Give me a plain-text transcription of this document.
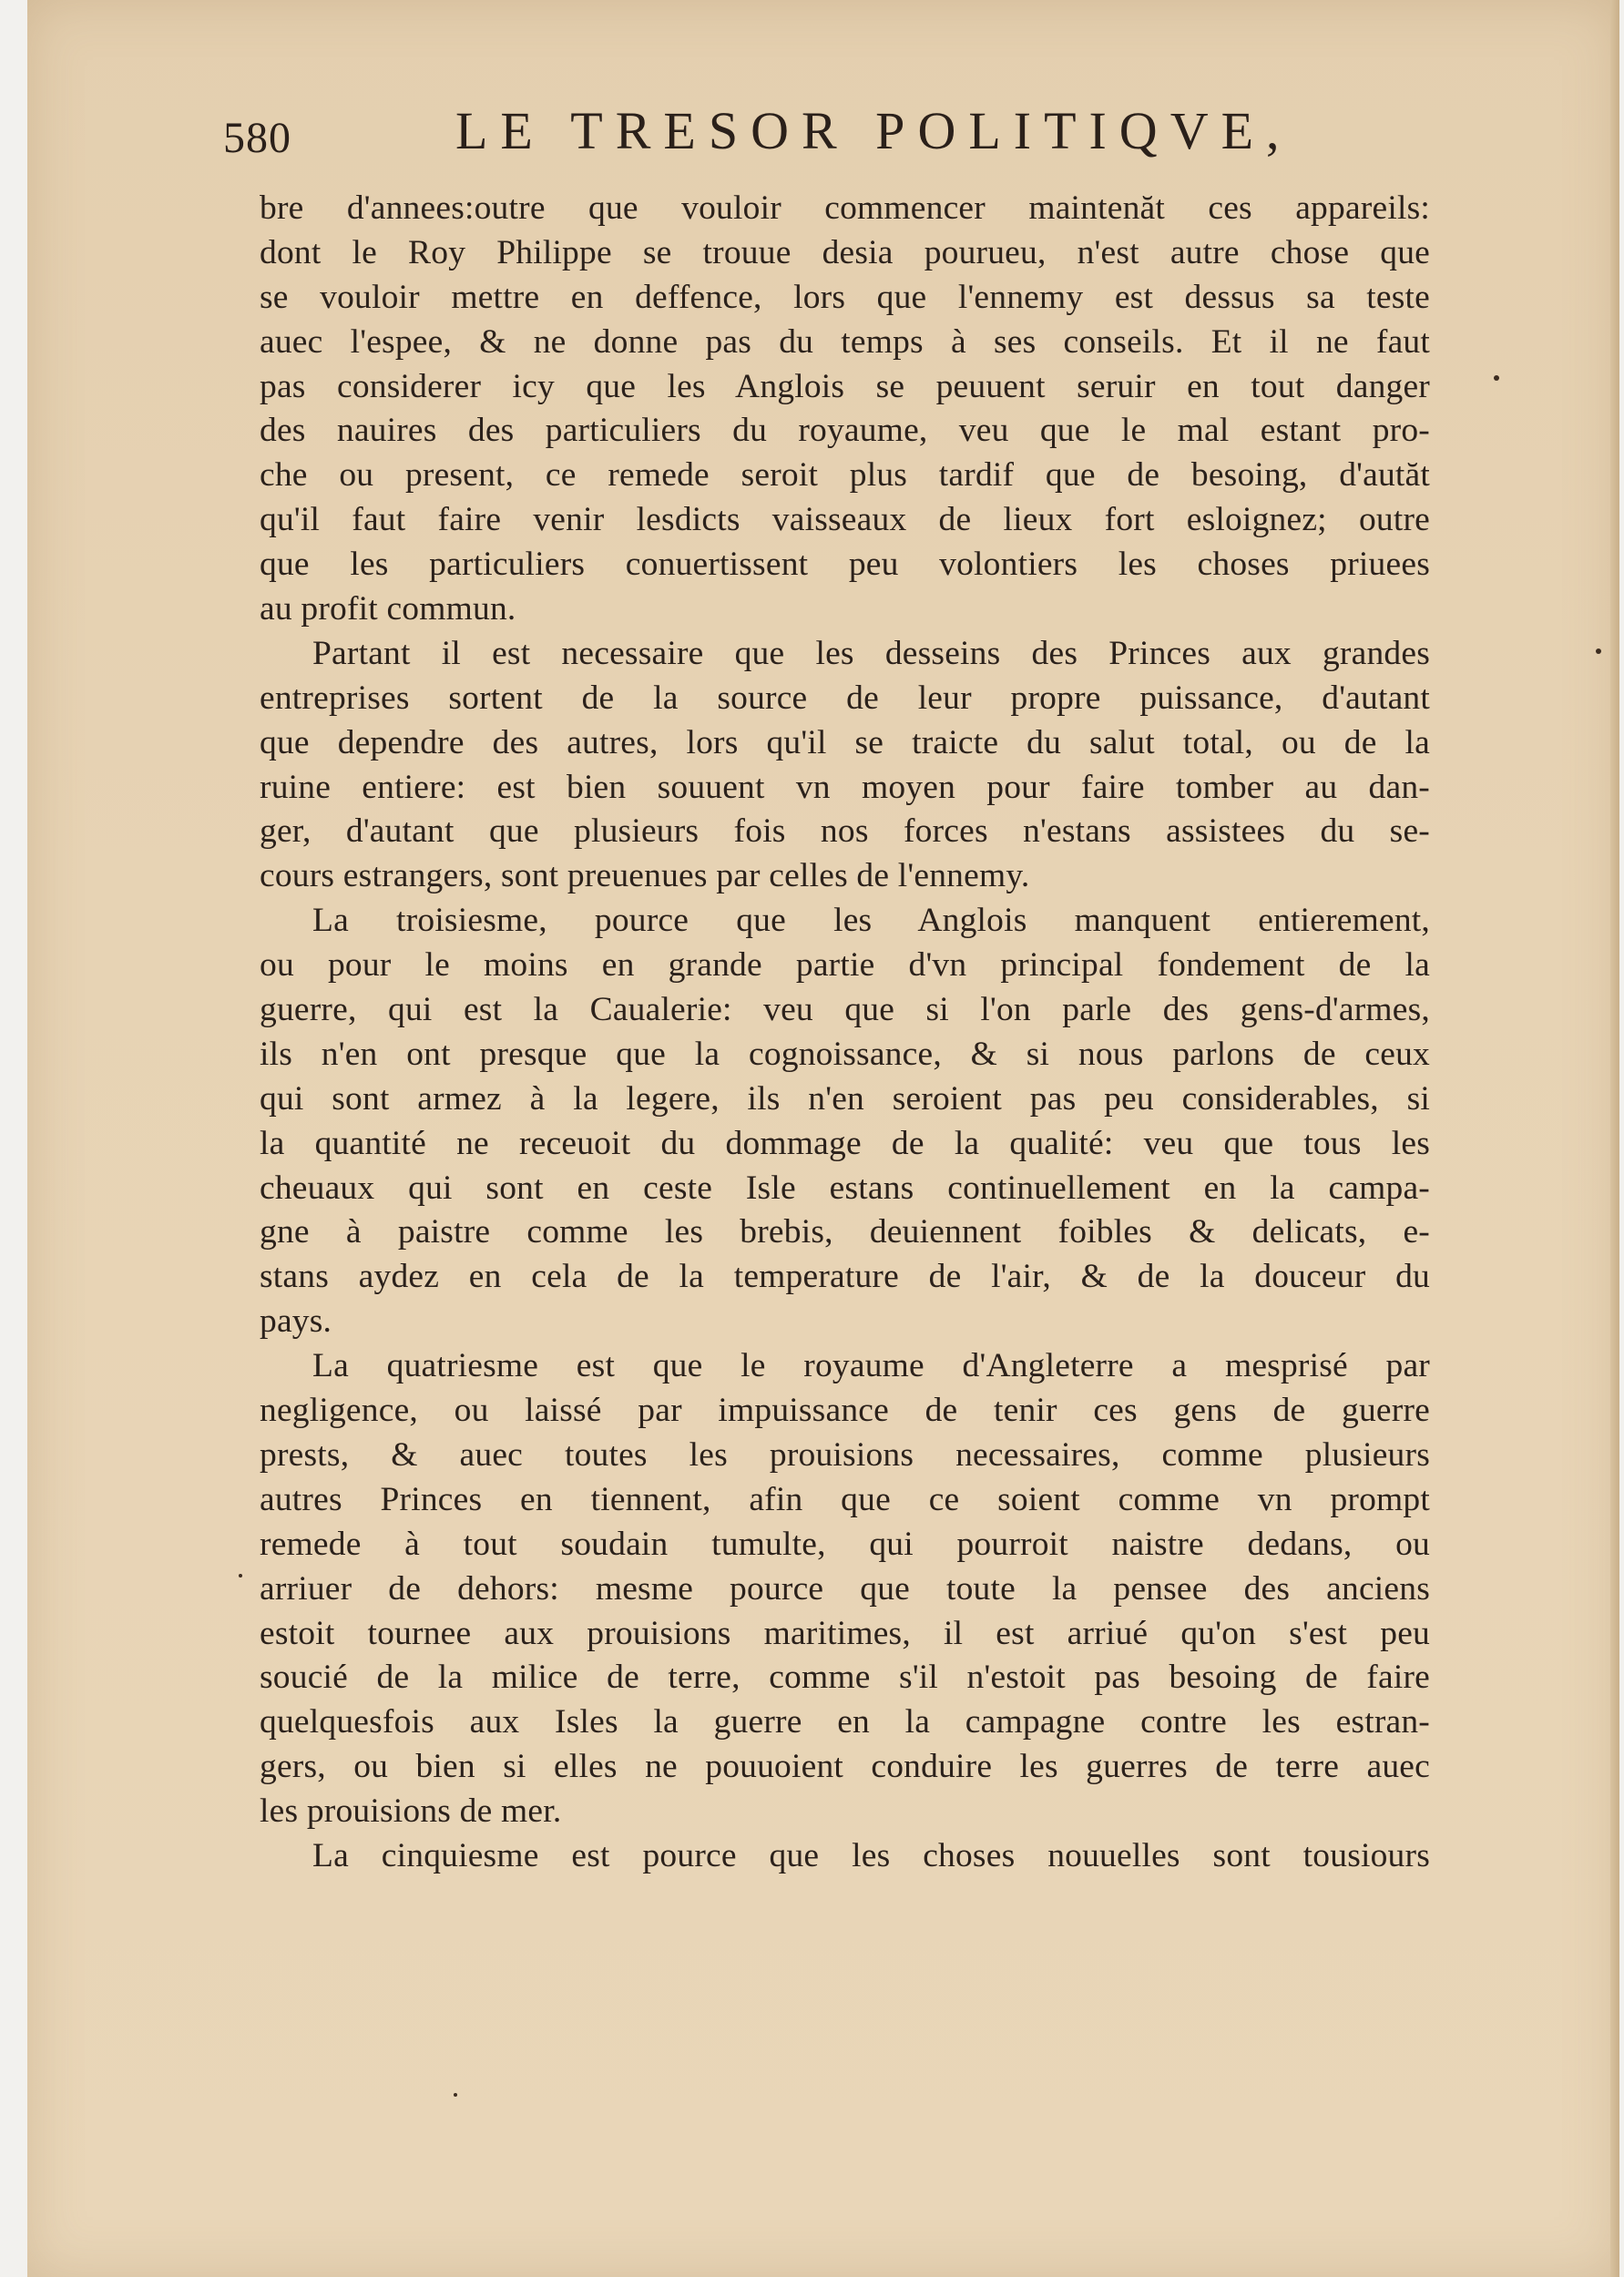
580	LE TRESOR POLITIQVE,
bre d'annees:outre que vouloir commencer maintenăt ces appareils:
dont le Roy Philippe se trouue desia pourueu, n'est autre chose que
se vouloir mettre en deffence, lors que l'ennemy est dessus sa teste
auec l'espee, & ne donne pas du temps à ses conseils. Et il ne faut
pas considerer icy que les Anglois se peuuent seruir en tout danger
des nauires des particuliers du royaume, veu que le mal estant pro-
che ou present, ce remede seroit plus tardif que de besoing, d'autăt
qu'il faut faire venir lesdicts vaisseaux de lieux fort esloignez; outre
que les particuliers conuertissent peu volontiers les choses priuees
au profit commun.
Partant il est necessaire que les desseins des Princes aux grandes
entreprises sortent de la source de leur propre puissance, d'autant
que dependre des autres, lors qu'il se traicte du salut total, ou de la
ruine entiere: est bien souuent vn moyen pour faire tomber au dan-
ger, d'autant que plusieurs fois nos forces n'estans assistees du se-
cours estrangers, sont preuenues par celles de l'ennemy.
La troisiesme, pource que les Anglois manquent entierement,
ou pour le moins en grande partie d'vn principal fondement de la
guerre, qui est la Caualerie: veu que si l'on parle des gens-d'armes,
ils n'en ont presque que la cognoissance, & si nous parlons de ceux
qui sont armez à la legere, ils n'en seroient pas peu considerables, si
la quantité ne receuoit du dommage de la qualité: veu que tous les
cheuaux qui sont en ceste Isle estans continuellement en la campa-
gne à paistre comme les brebis, deuiennent foibles & delicats, e-
stans aydez en cela de la temperature de l'air, & de la douceur du
pays.
La quatriesme est que le royaume d'Angleterre a mesprisé par
negligence, ou laissé par impuissance de tenir ces gens de guerre
prests, & auec toutes les prouisions necessaires, comme plusieurs
autres Princes en tiennent, afin que ce soient comme vn prompt
remede à tout soudain tumulte, qui pourroit naistre dedans, ou
arriuer de dehors: mesme pource que toute la pensee des anciens
estoit tournee aux prouisions maritimes, il est arriué qu'on s'est peu
soucié de la milice de terre, comme s'il n'estoit pas besoing de faire
quelquesfois aux Isles la guerre en la campagne contre les estran-
gers, ou bien si elles ne pouuoient conduire les guerres de terre auec
les prouisions de mer.
La cinquiesme est pource que les choses nouuelles sont tousiours
